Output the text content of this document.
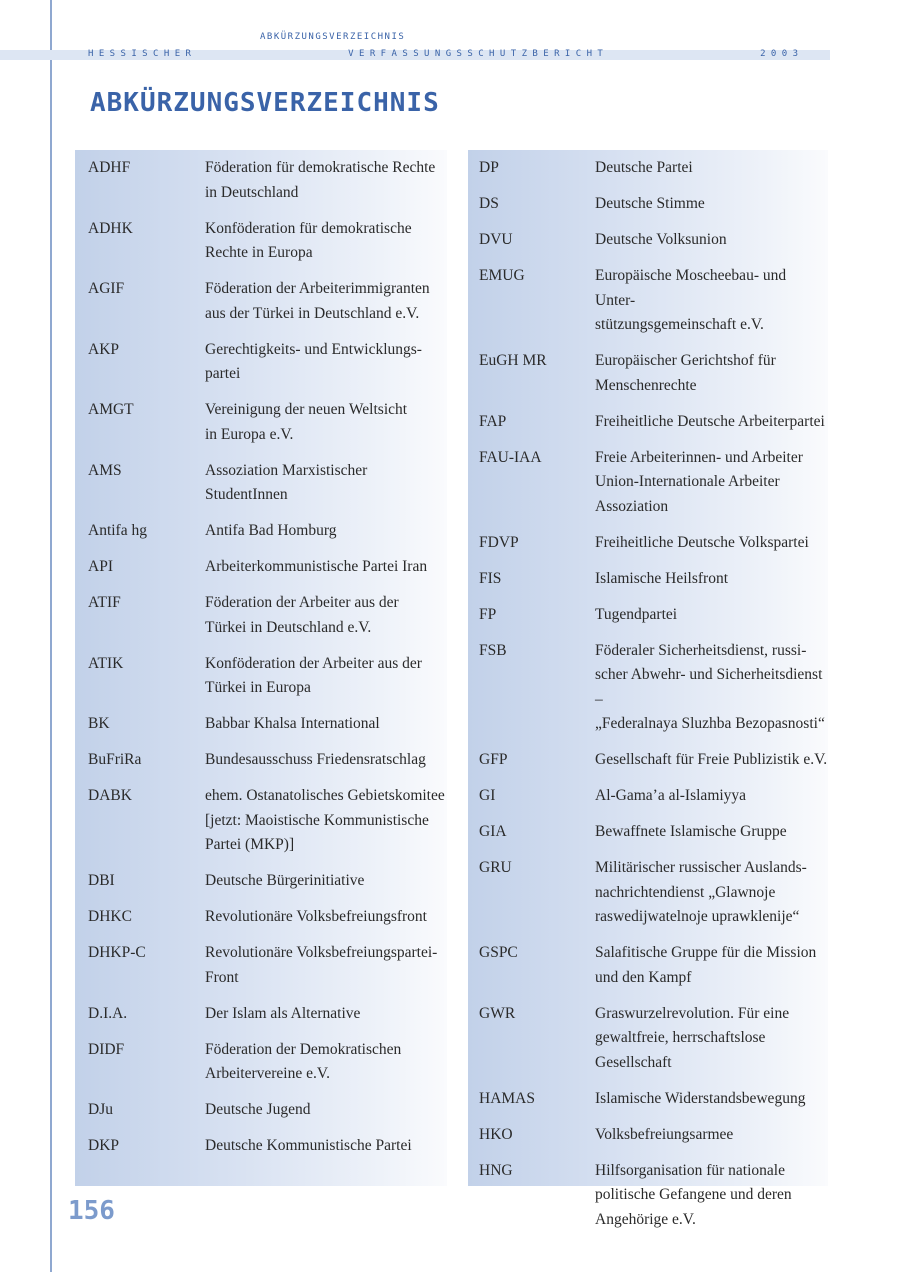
ABKÜRZUNGSVERZEICHNIS
H E S S I S C H E R	V E R F A S S U N G S S C H U T Z B E R I C H T	2 0 0 3
ABKÜRZUNGSVERZEICHNIS
ADHF	Föderation für demokratische Rechte
in Deutschland
ADHK	Konföderation für demokratische
Rechte in Europa
AGIF	Föderation der Arbeiterimmigranten
aus der Türkei in Deutschland e.V.
AKP	Gerechtigkeits- und Entwicklungs-
partei
AMGT	Vereinigung der neuen Weltsicht
in Europa e.V.
AMS	Assoziation Marxistischer
StudentInnen
Antifa hg	Antifa Bad Homburg
API	Arbeiterkommunistische Partei Iran
ATIF	Föderation der Arbeiter aus der
Türkei in Deutschland e.V.
ATIK	Konföderation der Arbeiter aus der
Türkei in Europa
BK	Babbar Khalsa International
BuFriRa	Bundesausschuss Friedensratschlag
DABK	ehem. Ostanatolisches Gebietskomitee
[jetzt: Maoistische Kommunistische
Partei (MKP)]
DBI	Deutsche Bürgerinitiative
DHKC	Revolutionäre Volksbefreiungsfront
DHKP-C	Revolutionäre Volksbefreiungspartei-
Front
D.I.A.	Der Islam als Alternative
DIDF	Föderation der Demokratischen
Arbeitervereine e.V.
DJu	Deutsche Jugend
DKP	Deutsche Kommunistische Partei
DP	Deutsche Partei
DS	Deutsche Stimme
DVU	Deutsche Volksunion
EMUG	Europäische Moscheebau- und Unter-
stützungsgemeinschaft e.V.
EuGH MR	Europäischer Gerichtshof für
Menschenrechte
FAP	Freiheitliche Deutsche Arbeiterpartei
FAU-IAA	Freie Arbeiterinnen- und Arbeiter
Union-Internationale Arbeiter
Assoziation
FDVP	Freiheitliche Deutsche Volkspartei
FIS	Islamische Heilsfront
FP	Tugendpartei
FSB	Föderaler Sicherheitsdienst, russi-
scher Abwehr- und Sicherheitsdienst –
„Federalnaya Sluzhba Bezopasnosti“
GFP	Gesellschaft für Freie Publizistik e.V.
GI	Al-Gama’a al-Islamiyya
GIA	Bewaffnete Islamische Gruppe
GRU	Militärischer russischer Auslands-
nachrichtendienst „Glawnoje
raswedijwatelnoje uprawklenije“
GSPC	Salafitische Gruppe für die Mission
und den Kampf
GWR	Graswurzelrevolution. Für eine
gewaltfreie, herrschaftslose
Gesellschaft
HAMAS	Islamische Widerstandsbewegung
HKO	Volksbefreiungsarmee
HNG	Hilfsorganisation für nationale
politische Gefangene und deren
Angehörige e.V.
156
